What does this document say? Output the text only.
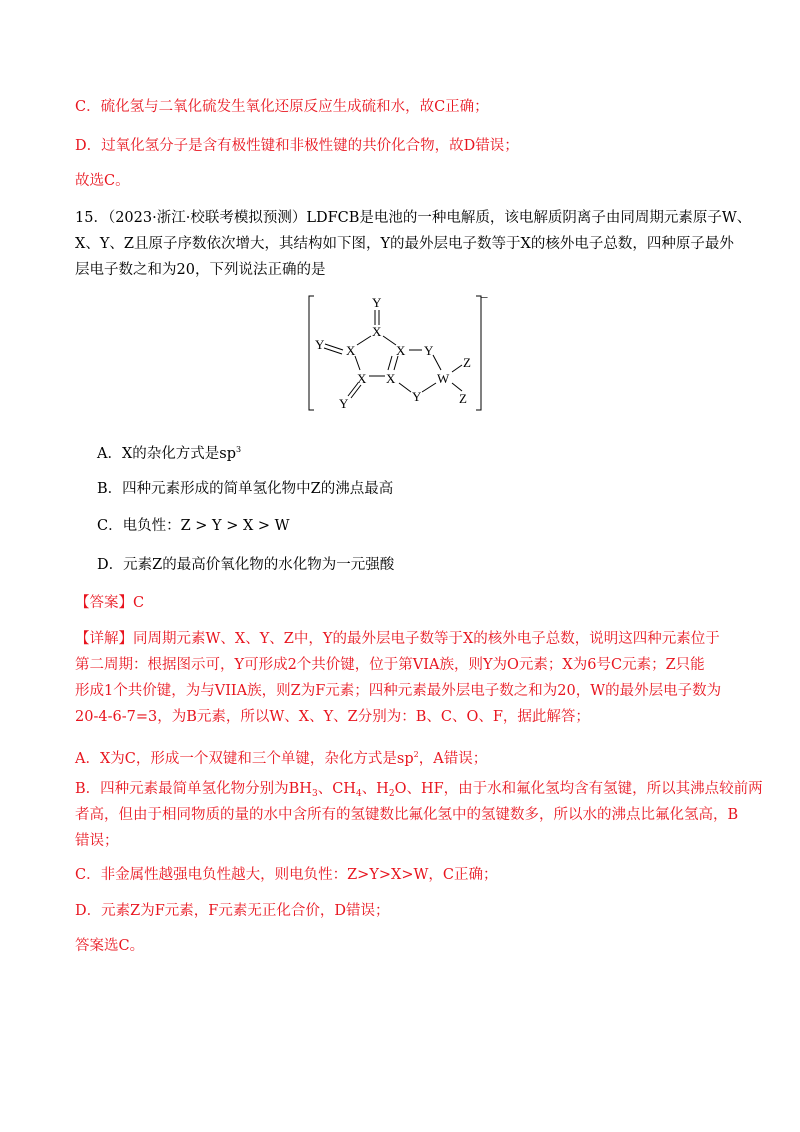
C．硫化氢与二氧化硫发生氧化还原反应生成硫和水，故C正确；
D．过氧化氢分子是含有极性键和非极性键的共价化合物，故D错误；
故选C。
15．（2023·浙江·校联考模拟预测）LDFCB是电池的一种电解质，该电解质阴离子由同周期元素原子W、
X、Y、Z且原子序数依次增大，其结构如下图，Y的最外层电子数等于X的核外电子总数，四种原子最外
层电子数之和为20，下列说法正确的是
−
Y
X
Y X	X Y
X X	W
Z
Y	Z
Y
A．X的杂化方式是$sp^3$
B．四种元素形成的简单氢化物中Z的沸点最高
C．电负性：Z > Y > X > W
D．元素Z的最高价氧化物的水化物为一元强酸
【答案】C
【详解】同周期元素W、X、Y、Z中，Y的最外层电子数等于X的核外电子总数，说明这四种元素位于
第二周期：根据图示可，Y可形成2个共价键，位于第VIA族，则Y为O元素；X为6号C元素；Z只能
形成1个共价键，为与VIIA族，则Z为F元素；四种元素最外层电子数之和为20，W的最外层电子数为
20-4-6-7=3，为B元素，所以W、X、Y、Z分别为：B、C、O、F，据此解答；
A．X为C，形成一个双键和三个单键，杂化方式是$sp^2$，A错误；
B．四种元素最简单氢化物分别为$BH_3$、$CH_4$、$H_2O$、HF，由于水和氟化氢均含有氢键，所以其沸点较前两
者高，但由于相同物质的量的水中含所有的氢键数比氟化氢中的氢键数多，所以水的沸点比氟化氢高，B
错误；
C．非金属性越强电负性越大，则电负性：Z>Y>X>W，C正确；
D．元素Z为F元素，F元素无正化合价，D错误；
答案选C。
